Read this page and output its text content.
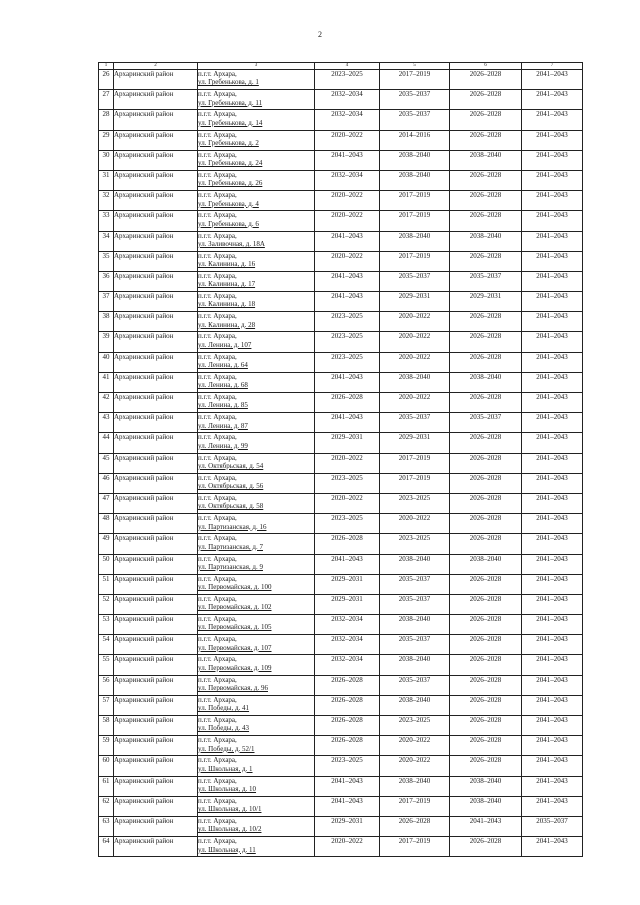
2
1	2	3	4	5	6	7
26	Архаринский район	п.г.т. Архара,
ул. Гребенькова, д. 1	2023–2025	2017–2019	2026–2028	2041–2043
27	Архаринский район	п.г.т. Архара,
ул. Гребенькова, д. 11	2032–2034	2035–2037	2026–2028	2041–2043
28	Архаринский район	п.г.т. Архара,
ул. Гребенькова, д. 14	2032–2034	2035–2037	2026–2028	2041–2043
29	Архаринский район	п.г.т. Архара,
ул. Гребенькова, д. 2	2020–2022	2014–2016	2026–2028	2041–2043
30	Архаринский район	п.г.т. Архара,
ул. Гребенькова, д. 24	2041–2043	2038–2040	2038–2040	2041–2043
31	Архаринский район	п.г.т. Архара,
ул. Гребенькова, д. 26	2032–2034	2038–2040	2026–2028	2041–2043
32	Архаринский район	п.г.т. Архара,
ул. Гребенькова, д. 4	2020–2022	2017–2019	2026–2028	2041–2043
33	Архаринский район	п.г.т. Архара,
ул. Гребенькова, д. 6	2020–2022	2017–2019	2026–2028	2041–2043
34	Архаринский район	п.г.т. Архара,
ул. Заливочная, д. 18А	2041–2043	2038–2040	2038–2040	2041–2043
35	Архаринский район	п.г.т. Архара,
ул. Калинина, д. 16	2020–2022	2017–2019	2026–2028	2041–2043
36	Архаринский район	п.г.т. Архара,
ул. Калинина, д. 17	2041–2043	2035–2037	2035–2037	2041–2043
37	Архаринский район	п.г.т. Архара,
ул. Калинина, д. 18	2041–2043	2029–2031	2029–2031	2041–2043
38	Архаринский район	п.г.т. Архара,
ул. Калинина, д. 28	2023–2025	2020–2022	2026–2028	2041–2043
39	Архаринский район	п.г.т. Архара,
ул. Ленина, д. 107	2023–2025	2020–2022	2026–2028	2041–2043
40	Архаринский район	п.г.т. Архара,
ул. Ленина, д. 64	2023–2025	2020–2022	2026–2028	2041–2043
41	Архаринский район	п.г.т. Архара,
ул. Ленина, д. 68	2041–2043	2038–2040	2038–2040	2041–2043
42	Архаринский район	п.г.т. Архара,
ул. Ленина, д. 85	2026–2028	2020–2022	2026–2028	2041–2043
43	Архаринский район	п.г.т. Архара,
ул. Ленина, д. 87	2041–2043	2035–2037	2035–2037	2041–2043
44	Архаринский район	п.г.т. Архара,
ул. Ленина, д. 99	2029–2031	2029–2031	2026–2028	2041–2043
45	Архаринский район	п.г.т. Архара,
ул. Октябрьская, д. 54	2020–2022	2017–2019	2026–2028	2041–2043
46	Архаринский район	п.г.т. Архара,
ул. Октябрьская, д. 56	2023–2025	2017–2019	2026–2028	2041–2043
47	Архаринский район	п.г.т. Архара,
ул. Октябрьская, д. 58	2020–2022	2023–2025	2026–2028	2041–2043
48	Архаринский район	п.г.т. Архара,
ул. Партизанская, д. 16	2023–2025	2020–2022	2026–2028	2041–2043
49	Архаринский район	п.г.т. Архара,
ул. Партизанская, д. 7	2026–2028	2023–2025	2026–2028	2041–2043
50	Архаринский район	п.г.т. Архара,
ул. Партизанская, д. 9	2041–2043	2038–2040	2038–2040	2041–2043
51	Архаринский район	п.г.т. Архара,
ул. Первомайская, д. 100	2029–2031	2035–2037	2026–2028	2041–2043
52	Архаринский район	п.г.т. Архара,
ул. Первомайская, д. 102	2029–2031	2035–2037	2026–2028	2041–2043
53	Архаринский район	п.г.т. Архара,
ул. Первомайская, д. 105	2032–2034	2038–2040	2026–2028	2041–2043
54	Архаринский район	п.г.т. Архара,
ул. Первомайская, д. 107	2032–2034	2035–2037	2026–2028	2041–2043
55	Архаринский район	п.г.т. Архара,
ул. Первомайская, д. 109	2032–2034	2038–2040	2026–2028	2041–2043
56	Архаринский район	п.г.т. Архара,
ул. Первомайская, д. 96	2026–2028	2035–2037	2026–2028	2041–2043
57	Архаринский район	п.г.т. Архара,
ул. Победы, д. 41	2026–2028	2038–2040	2026–2028	2041–2043
58	Архаринский район	п.г.т. Архара,
ул. Победы, д. 43	2026–2028	2023–2025	2026–2028	2041–2043
59	Архаринский район	п.г.т. Архара,
ул. Победы, д. 52/1	2026–2028	2020–2022	2026–2028	2041–2043
60	Архаринский район	п.г.т. Архара,
ул. Школьная, д. 1	2023–2025	2020–2022	2026–2028	2041–2043
61	Архаринский район	п.г.т. Архара,
ул. Школьная, д. 10	2041–2043	2038–2040	2038–2040	2041–2043
62	Архаринский район	п.г.т. Архара,
ул. Школьная, д. 10/1	2041–2043	2017–2019	2038–2040	2041–2043
63	Архаринский район	п.г.т. Архара,
ул. Школьная, д. 10/2	2029–2031	2026–2028	2041–2043	2035–2037
64	Архаринский район	п.г.т. Архара,
ул. Школьная, д. 11	2020–2022	2017–2019	2026–2028	2041–2043
